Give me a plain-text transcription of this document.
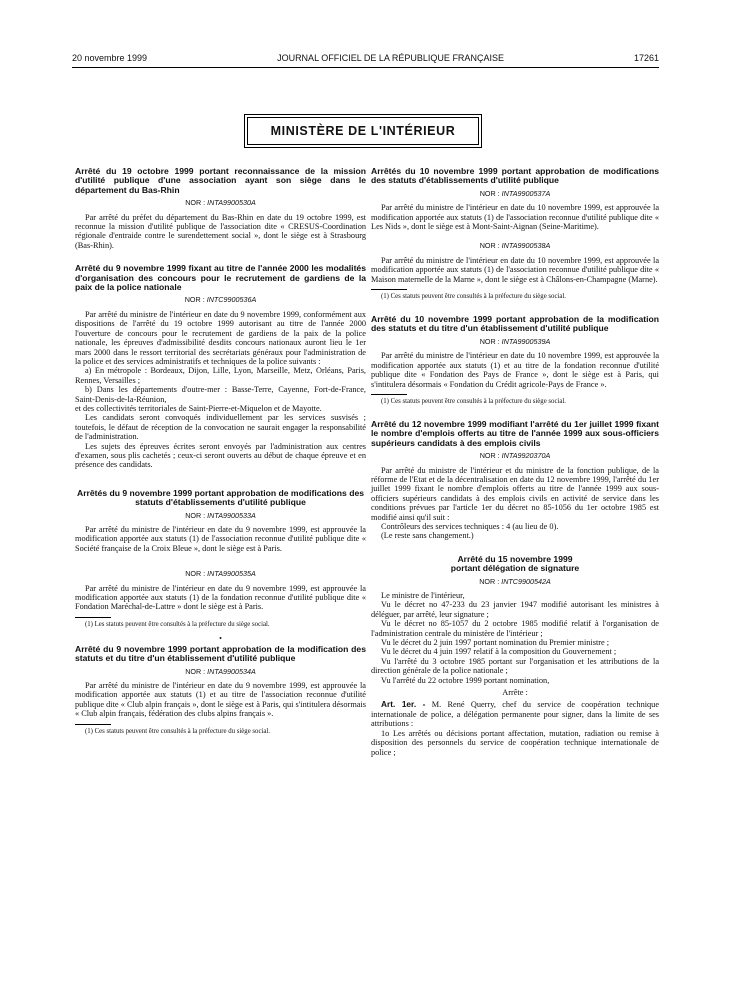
20 novembre 1999	JOURNAL OFFICIEL DE LA RÉPUBLIQUE FRANÇAISE	17261
MINISTÈRE DE L'INTÉRIEUR
Arrêté du 19 octobre 1999 portant reconnaissance de la mission d'utilité publique d'une association ayant son siège dans le département du Bas-Rhin
NOR : INTA9900530A

Par arrêté du préfet du département du Bas-Rhin en date du 19 octobre 1999, est reconnue la mission d'utilité publique de l'association dite « CRESUS-Coordination régionale d'entraide contre le surendettement social », dont le siège est à Strasbourg (Bas-Rhin).

Arrêté du 9 novembre 1999 fixant au titre de l'année 2000 les modalités d'organisation des concours pour le recrutement de gardiens de la paix de la police nationale
NOR : INTC9900536A

Par arrêté du ministre de l'intérieur en date du 9 novembre 1999, conformément aux dispositions de l'arrêté du 19 octobre 1999 autorisant au titre de l'année 2000 l'ouverture de concours pour le recrutement de gardiens de la paix de la police nationale, les épreuves d'admissibilité desdits concours nationaux auront lieu le 1er mars 2000 dans le ressort territorial des secrétariats généraux pour l'administration de la police et des services administratifs et techniques de la police suivants :

a) En métropole : Bordeaux, Dijon, Lille, Lyon, Marseille, Metz, Orléans, Paris, Rennes, Versailles ;

b) Dans les départements d'outre-mer : Basse-Terre, Cayenne, Fort-de-France, Saint-Denis-de-la-Réunion,

et des collectivités territoriales de Saint-Pierre-et-Miquelon et de Mayotte.

Les candidats seront convoqués individuellement par les services susvisés ; toutefois, le défaut de réception de la convocation ne saurait engager la responsabilité de l'administration.

Les sujets des épreuves écrites seront envoyés par l'administration aux centres d'examen, sous plis cachetés ; ceux-ci seront ouverts au début de chaque épreuve et en présence des candidats.

Arrêtés du 9 novembre 1999 portant approbation de modifications des statuts d'établissements d'utilité publique
NOR : INTA9900533A

Par arrêté du ministre de l'intérieur en date du 9 novembre 1999, est approuvée la modification apportée aux statuts (1) de l'association reconnue d'utilité publique dite « Société française de la Croix Bleue », dont le siège est à Paris.

NOR : INTA9900535A

Par arrêté du ministre de l'intérieur en date du 9 novembre 1999, est approuvée la modification apportée aux statuts (1) de la fondation reconnue d'utilité publique dite « Fondation Maréchal-de-Lattre » dont le siège est à Paris.

(1) Les statuts peuvent être consultés à la préfecture du siège social.
•
Arrêté du 9 novembre 1999 portant approbation de la modification des statuts et du titre d'un établissement d'utilité publique
NOR : INTA9900534A

Par arrêté du ministre de l'intérieur en date du 9 novembre 1999, est approuvée la modification apportée aux statuts (1) et au titre de l'association reconnue d'utilité publique dite « Club alpin français », dont le siège est à Paris, qui s'intitulera désormais « Club alpin français, fédération des clubs alpins français ».

(1) Ces statuts peuvent être consultés à la préfecture du siège social.
Arrêtés du 10 novembre 1999 portant approbation de modifications des statuts d'établissements d'utilité publique
NOR : INTA9900537A

Par arrêté du ministre de l'intérieur en date du 10 novembre 1999, est approuvée la modification apportée aux statuts (1) de l'association reconnue d'utilité publique dite « Les Nids », dont le siège est à Mont-Saint-Aignan (Seine-Maritime).

NOR : INTA9900538A

Par arrêté du ministre de l'intérieur en date du 10 novembre 1999, est approuvée la modification apportée aux statuts (1) de l'association reconnue d'utilité publique dite « Maison maternelle de la Marne », dont le siège est à Châlons-en-Champagne (Marne).

(1) Ces statuts peuvent être consultés à la préfecture du siège social.
Arrêté du 10 novembre 1999 portant approbation de la modification des statuts et du titre d'un établissement d'utilité publique
NOR : INTA9900539A

Par arrêté du ministre de l'intérieur en date du 10 novembre 1999, est approuvée la modification apportée aux statuts (1) et au titre de la fondation reconnue d'utilité publique dite « Fondation des Pays de France », dont le siège est à Paris, qui s'intitulera désormais « Fondation du Crédit agricole-Pays de France ».

(1) Ces statuts peuvent être consultés à la préfecture du siège social.
Arrêté du 12 novembre 1999 modifiant l'arrêté du 1er juillet 1999 fixant le nombre d'emplois offerts au titre de l'année 1999 aux sous-officiers supérieurs candidats à des emplois civils
NOR : INTA9920370A

Par arrêté du ministre de l'intérieur et du ministre de la fonction publique, de la réforme de l'Etat et de la décentralisation en date du 12 novembre 1999, l'arrêté du 1er juillet 1999 fixant le nombre d'emplois offerts au titre de l'année 1999 aux sous-officiers supérieurs candidats à des emplois civils en activité de service dans les conditions prévues par l'article 1er du décret no 85-1056 du 1er octobre 1985 est modifié ainsi qu'il suit :

Contrôleurs des services techniques : 4 (au lieu de 0).

(Le reste sans changement.)

Arrêté du 15 novembre 1999
portant délégation de signature
NOR : INTC9900542A

Le ministre de l'intérieur,

Vu le décret no 47-233 du 23 janvier 1947 modifié autorisant les ministres à déléguer, par arrêté, leur signature ;

Vu le décret no 85-1057 du 2 octobre 1985 modifié relatif à l'organisation de l'administration centrale du ministère de l'intérieur ;

Vu le décret du 2 juin 1997 portant nomination du Premier ministre ;

Vu le décret du 4 juin 1997 relatif à la composition du Gouvernement ;

Vu l'arrêté du 3 octobre 1985 portant sur l'organisation et les attributions de la direction générale de la police nationale ;

Vu l'arrêté du 22 octobre 1999 portant nomination,

Arrête :

Art. 1er. - M. René Querry, chef du service de coopération technique internationale de police, a délégation permanente pour signer, dans la limite de ses attributions :

1o Les arrêtés ou décisions portant affectation, mutation, radiation ou remise à disposition des personnels du service de coopération technique internationale de police ;
